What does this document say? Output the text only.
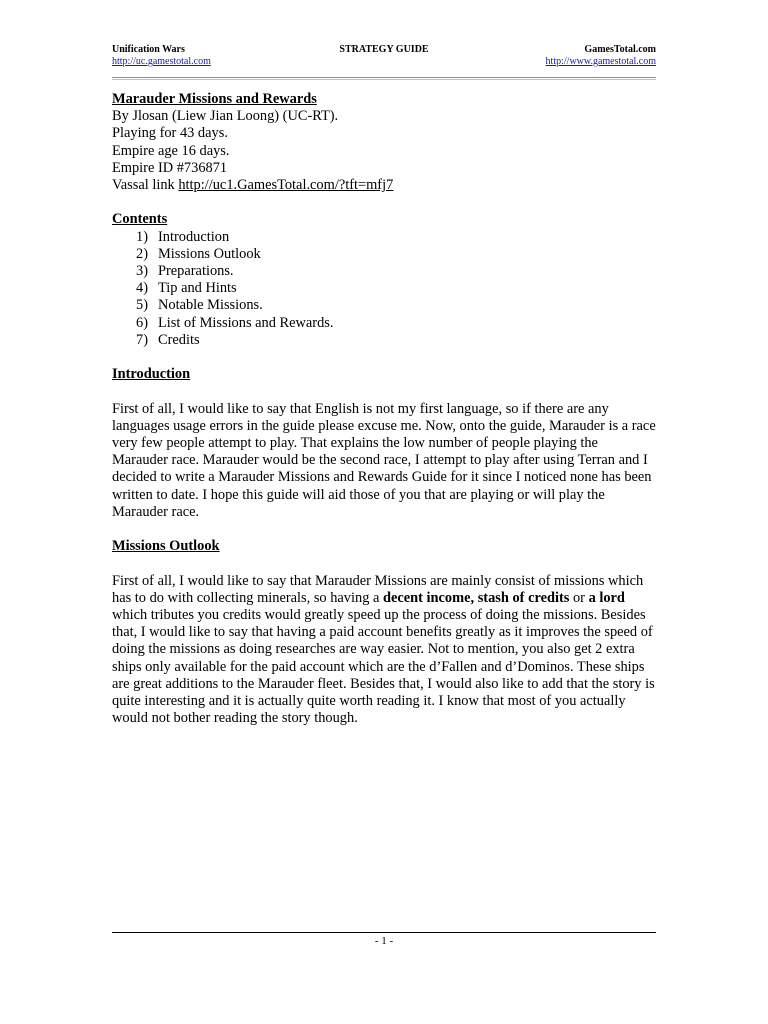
Unification Wars
http://uc.gamestotal.com
STRATEGY GUIDE	GamesTotal.com
http://www.gamestotal.com

Marauder Missions and Rewards

By Jlosan (Liew Jian Loong) (UC-RT).

Playing for 43 days.

Empire age 16 days.

Empire ID #736871

Vassal link http://uc1.GamesTotal.com/?tft=mfj7

Contents

1) Introduction
2) Missions Outlook
3) Preparations.
4) Tip and Hints
5) Notable Missions.
6) List of Missions and Rewards.
7) Credits

Introduction

First of all, I would like to say that English is not my first language, so if there are any languages usage errors in the guide please excuse me. Now, onto the guide, Marauder is a race very few people attempt to play. That explains the low number of people playing the Marauder race. Marauder would be the second race, I attempt to play after using Terran and I decided to write a Marauder Missions and Rewards Guide for it since I noticed none has been written to date. I hope this guide will aid those of you that are playing or will play the Marauder race.

Missions Outlook

First of all, I would like to say that Marauder Missions are mainly consist of missions which has to do with collecting minerals, so having a decent income, stash of credits or a lord which tributes you credits would greatly speed up the process of doing the missions. Besides that, I would like to say that having a paid account benefits greatly as it improves the speed of doing the missions as doing researches are way easier. Not to mention, you also get 2 extra ships only available for the paid account which are the d’Fallen and d’Dominos. These ships are great additions to the Marauder fleet. Besides that, I would also like to add that the story is quite interesting and it is actually quite worth reading it. I know that most of you actually would not bother reading the story though.

- 1 -
